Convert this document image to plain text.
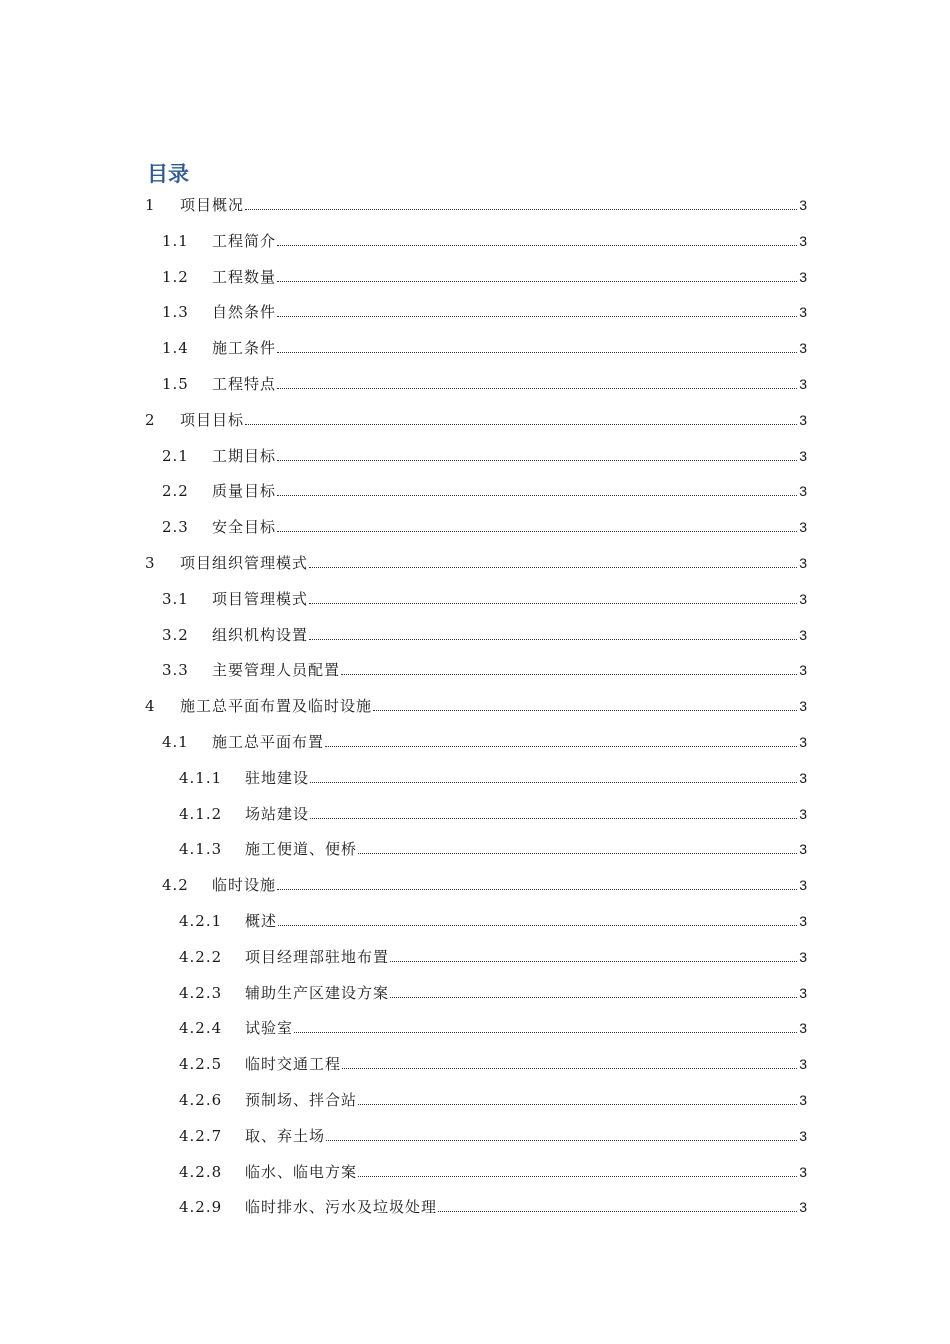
目录
1	项目概况	3
1.1	工程简介	3
1.2	工程数量	3
1.3	自然条件	3
1.4	施工条件	3
1.5	工程特点	3
2	项目目标	3
2.1	工期目标	3
2.2	质量目标	3
2.3	安全目标	3
3	项目组织管理模式	3
3.1	项目管理模式	3
3.2	组织机构设置	3
3.3	主要管理人员配置	3
4	施工总平面布置及临时设施	3
4.1	施工总平面布置	3
4.1.1	驻地建设	3
4.1.2	场站建设	3
4.1.3	施工便道、便桥	3
4.2	临时设施	3
4.2.1	概述	3
4.2.2	项目经理部驻地布置	3
4.2.3	辅助生产区建设方案	3
4.2.4	试验室	3
4.2.5	临时交通工程	3
4.2.6	预制场、拌合站	3
4.2.7	取、弃土场	3
4.2.8	临水、临电方案	3
4.2.9	临时排水、污水及垃圾处理	3
